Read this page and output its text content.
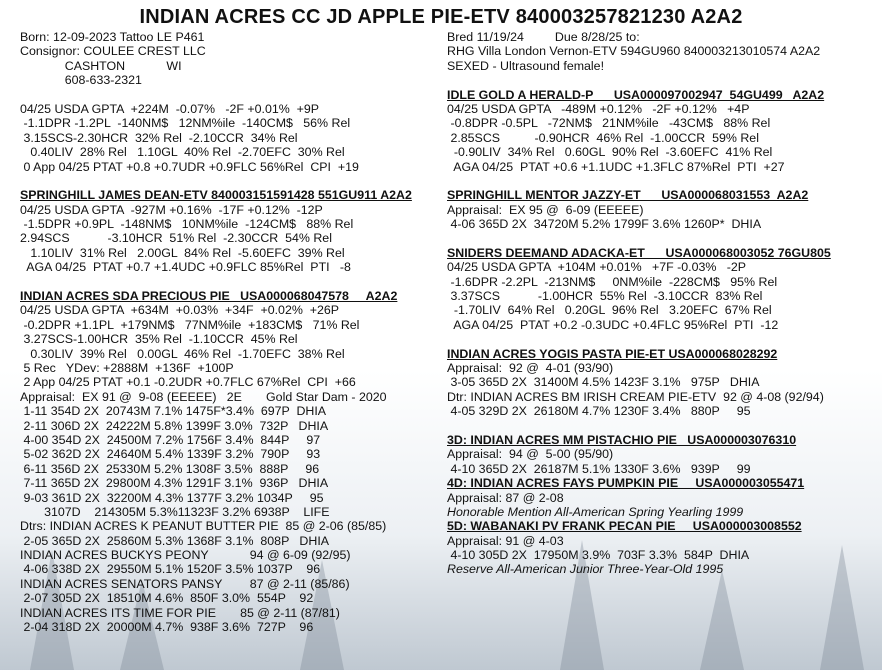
INDIAN ACRES CC JD APPLE PIE-ETV 840003257821230 A2A2
Born: 12-09-2023 Tattoo LE P461
Consignor: COULEE CREST LLC
CASHTON            WI
608-633-2321
04/25 USDA GPTA  +224M  -0.07%   -2F +0.01%  +9P
-1.1DPR -1.2PL  -140NM$   12NM%ile  -140CM$   56% Rel
3.15SCS-2.30HCR  32% Rel  -2.10CCR  34% Rel
0.40LIV  28% Rel   1.10GL  40% Rel  -2.70EFC  30% Rel
0 App 04/25 PTAT +0.8 +0.7UDR +0.9FLC 56%Rel  CPI  +19
SPRINGHILL JAMES DEAN-ETV 840003151591428 551GU911 A2A2
04/25 USDA GPTA  -927M +0.16%  -17F +0.12%  -12P
-1.5DPR +0.9PL  -148NM$   10NM%ile  -124CM$   88% Rel
2.94SCS           -3.10HCR  51% Rel  -2.30CCR  54% Rel
1.10LIV  31% Rel   2.00GL  84% Rel  -5.60EFC  39% Rel
AGA 04/25  PTAT +0.7 +1.4UDC +0.9FLC 85%Rel  PTI   -8
INDIAN ACRES SDA PRECIOUS PIE   USA000068047578     A2A2
04/25 USDA GPTA  +634M  +0.03%  +34F  +0.02%  +26P
-0.2DPR +1.1PL  +179NM$   77NM%ile  +183CM$   71% Rel
3.27SCS-1.00HCR  35% Rel  -1.10CCR  45% Rel
0.30LIV  39% Rel   0.00GL  46% Rel  -1.70EFC  38% Rel
5 Rec   YDev: +2888M  +136F  +100P
2 App 04/25 PTAT +0.1 -0.2UDR +0.7FLC 67%Rel  CPI  +66
Appraisal:  EX 91 @  9-08 (EEEEE)   2E       Gold Star Dam - 2020
1-11 354D 2X  20743M 7.1% 1475F*3.4%  697P  DHIA
2-11 306D 2X  24222M 5.8% 1399F 3.0%  732P   DHIA
4-00 354D 2X  24500M 7.2% 1756F 3.4%  844P     97
5-02 362D 2X  24640M 5.4% 1339F 3.2%  790P     93
6-11 356D 2X  25330M 5.2% 1308F 3.5%  888P     96
7-11 365D 2X  29800M 4.3% 1291F 3.1%  936P   DHIA
9-03 361D 2X  32200M 4.3% 1377F 3.2% 1034P     95
3107D    214305M 5.3%11323F 3.2% 6938P    LIFE
Dtrs: INDIAN ACRES K PEANUT BUTTER PIE  85 @ 2-06 (85/85)
2-05 365D 2X  25860M 5.3% 1368F 3.1%  808P   DHIA
INDIAN ACRES BUCKYS PEONY            94 @ 6-09 (92/95)
4-06 338D 2X  29550M 5.1% 1520F 3.5% 1037P    96
INDIAN ACRES SENATORS PANSY        87 @ 2-11 (85/86)
2-07 305D 2X  18510M 4.6%  850F 3.0%  554P    92
INDIAN ACRES ITS TIME FOR PIE       85 @ 2-11 (87/81)
2-04 318D 2X  20000M 4.7%  938F 3.6%  727P    96
Bred 11/19/24         Due 8/28/25 to:
RHG Villa London Vernon-ETV 594GU960 840003213010574 A2A2
SEXED - Ultrasound female!
IDLE GOLD A HERALD-P      USA000097002947  54GU499   A2A2
04/25 USDA GPTA   -489M +0.12%   -2F +0.12%   +4P
-0.8DPR -0.5PL   -72NM$   21NM%ile   -43CM$   88% Rel
2.85SCS          -0.90HCR  46% Rel  -1.00CCR  59% Rel
-0.90LIV  34% Rel   0.60GL  90% Rel  -3.60EFC  41% Rel
AGA 04/25  PTAT +0.6 +1.1UDC +1.3FLC 87%Rel  PTI  +27
SPRINGHILL MENTOR JAZZY-ET      USA000068031553  A2A2
Appraisal:  EX 95 @  6-09 (EEEEE)
4-06 365D 2X  34720M 5.2% 1799F 3.6% 1260P*  DHIA
SNIDERS DEEMAND ADACKA-ET      USA000068003052 76GU805
04/25 USDA GPTA  +104M +0.01%   +7F -0.03%   -2P
-1.6DPR -2.2PL  -213NM$     0NM%ile  -228CM$   95% Rel
3.37SCS           -1.00HCR  55% Rel  -3.10CCR  83% Rel
-1.70LIV  64% Rel   0.20GL  96% Rel   3.20EFC  67% Rel
AGA 04/25  PTAT +0.2 -0.3UDC +0.4FLC 95%Rel  PTI  -12
INDIAN ACRES YOGIS PASTA PIE-ET USA000068028292
Appraisal:  92 @  4-01 (93/90)
3-05 365D 2X  31400M 4.5% 1423F 3.1%   975P   DHIA
Dtr: INDIAN ACRES BM IRISH CREAM PIE-ETV  92 @ 4-08 (92/94)
4-05 329D 2X  26180M 4.7% 1230F 3.4%   880P     95
3D: INDIAN ACRES MM PISTACHIO PIE   USA000003076310
Appraisal:  94 @  5-00 (95/90)
4-10 365D 2X  26187M 5.1% 1330F 3.6%   939P     99
4D: INDIAN ACRES FAYS PUMPKIN PIE     USA000003055471
Appraisal: 87 @ 2-08
Honorable Mention All-American Spring Yearling 1999
5D: WABANAKI PV FRANK PECAN PIE     USA000003008552
Appraisal: 91 @ 4-03
4-10 305D 2X  17950M 3.9%  703F 3.3%  584P  DHIA
Reserve All-American Junior Three-Year-Old 1995
